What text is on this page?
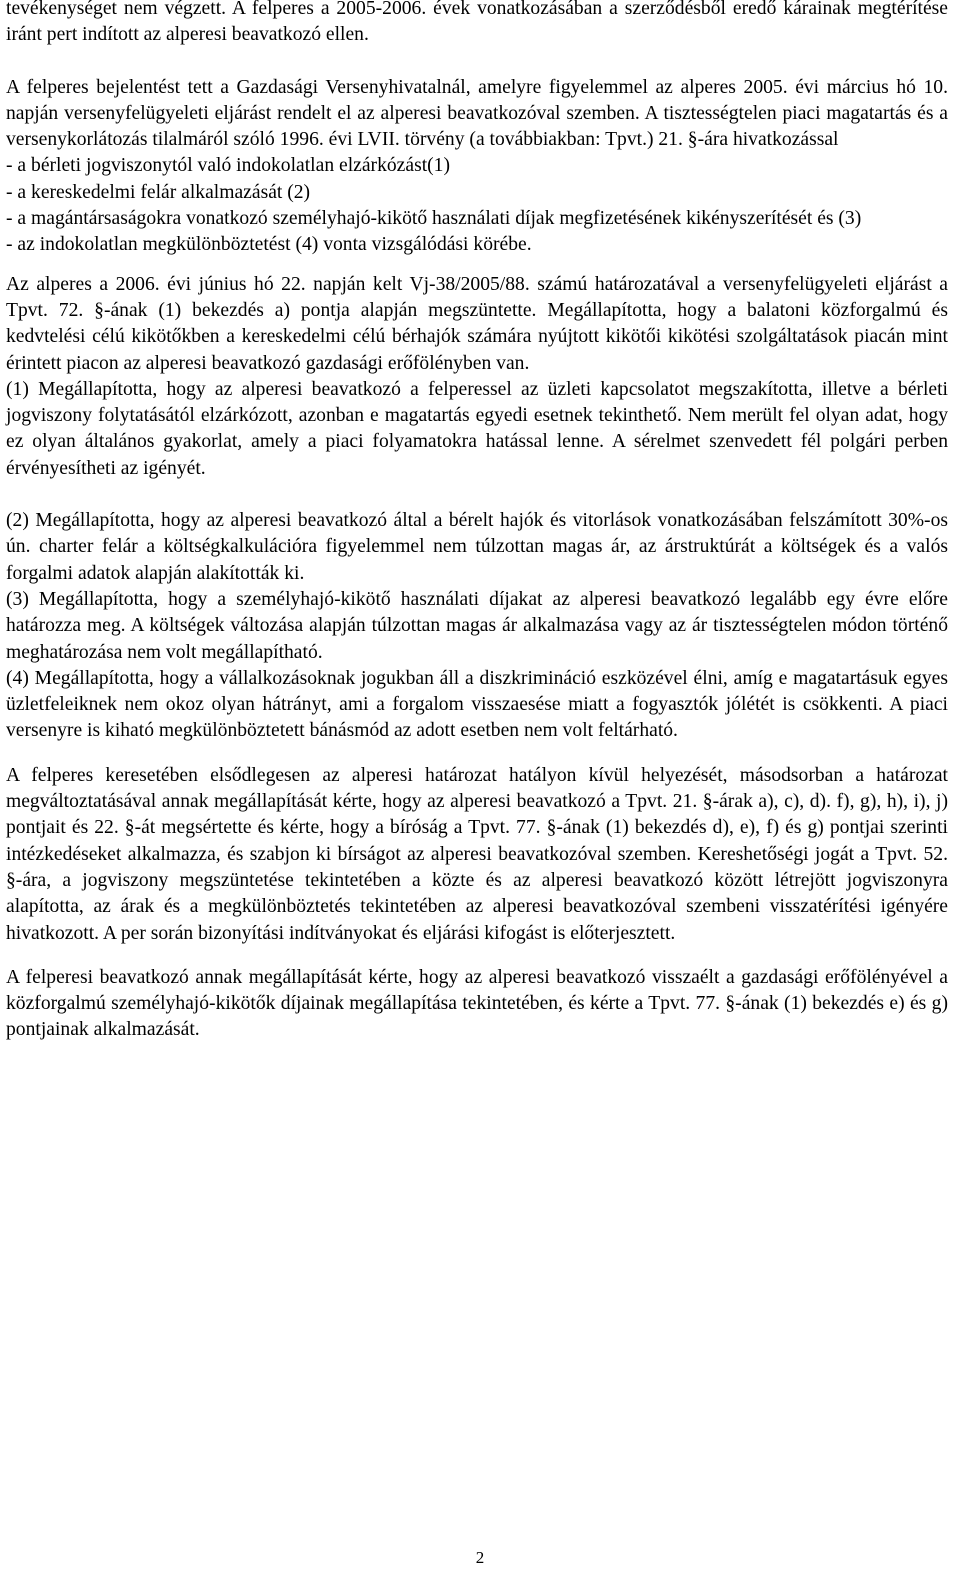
tevékenységet nem végzett. A felperes a 2005-2006. évek vonatkozásában a szerződésből eredő kárainak megtérítése iránt pert indított az alperesi beavatkozó ellen.

A felperes bejelentést tett a Gazdasági Versenyhivatalnál, amelyre figyelemmel az alperes 2005. évi március hó 10. napján versenyfelügyeleti eljárást rendelt el az alperesi beavatkozóval szemben. A tisztességtelen piaci magatartás és a versenykorlátozás tilalmáról szóló 1996. évi LVII. törvény (a továbbiakban: Tpvt.) 21. §-ára hivatkozással

- a bérleti jogviszonytól való indokolatlan elzárkózást(1)

- a kereskedelmi felár alkalmazását (2)

- a magántársaságokra vonatkozó személyhajó-kikötő használati díjak megfizetésének kikényszerítését és (3)

- az indokolatlan megkülönböztetést (4) vonta vizsgálódási körébe.

Az alperes a 2006. évi június hó 22. napján kelt Vj-38/2005/88. számú határozatával a versenyfelügyeleti eljárást a Tpvt. 72. §-ának (1) bekezdés a) pontja alapján megszüntette. Megállapította, hogy a balatoni közforgalmú és kedvtelési célú kikötőkben a kereskedelmi célú bérhajók számára nyújtott kikötői kikötési szolgáltatások piacán mint érintett piacon az alperesi beavatkozó gazdasági erőfölényben van.

(1) Megállapította, hogy az alperesi beavatkozó a felperessel az üzleti kapcsolatot megszakította, illetve a bérleti jogviszony folytatásától elzárkózott, azonban e magatartás egyedi esetnek tekinthető. Nem merült fel olyan adat, hogy ez olyan általános gyakorlat, amely a piaci folyamatokra hatással lenne. A sérelmet szenvedett fél polgári perben érvényesítheti az igényét.

(2) Megállapította, hogy az alperesi beavatkozó által a bérelt hajók és vitorlások vonatkozásában felszámított 30%-os ún. charter felár a költségkalkulációra figyelemmel nem túlzottan magas ár, az árstruktúrát a költségek és a valós forgalmi adatok alapján alakították ki.

(3) Megállapította, hogy a személyhajó-kikötő használati díjakat az alperesi beavatkozó legalább egy évre előre határozza meg. A költségek változása alapján túlzottan magas ár alkalmazása vagy az ár tisztességtelen módon történő meghatározása nem volt megállapítható.

(4) Megállapította, hogy a vállalkozásoknak jogukban áll a diszkrimináció eszközével élni, amíg e magatartásuk egyes üzletfeleiknek nem okoz olyan hátrányt, ami a forgalom visszaesése miatt a fogyasztók jólétét is csökkenti. A piaci versenyre is kiható megkülönböztetett bánásmód az adott esetben nem volt feltárható.

A felperes keresetében elsődlegesen az alperesi határozat hatályon kívül helyezését, másodsorban a határozat megváltoztatásával annak megállapítását kérte, hogy az alperesi beavatkozó a Tpvt. 21. §-árak a), c), d). f), g), h), i), j) pontjait és 22. §-át megsértette és kérte, hogy a bíróság a Tpvt. 77. §-ának (1) bekezdés d), e), f) és g) pontjai szerinti intézkedéseket alkalmazza, és szabjon ki bírságot az alperesi beavatkozóval szemben. Kereshetőségi jogát a Tpvt. 52. §-ára, a jogviszony megszüntetése tekintetében a közte és az alperesi beavatkozó között létrejött jogviszonyra alapította, az árak és a megkülönböztetés tekintetében az alperesi beavatkozóval szembeni visszatérítési igényére hivatkozott. A per során bizonyítási indítványokat és eljárási kifogást is előterjesztett.

A felperesi beavatkozó annak megállapítását kérte, hogy az alperesi beavatkozó visszaélt a gazdasági erőfölényével a közforgalmú személyhajó-kikötők díjainak megállapítása tekintetében, és kérte a Tpvt. 77. §-ának (1) bekezdés e) és g) pontjainak alkalmazását.

2
